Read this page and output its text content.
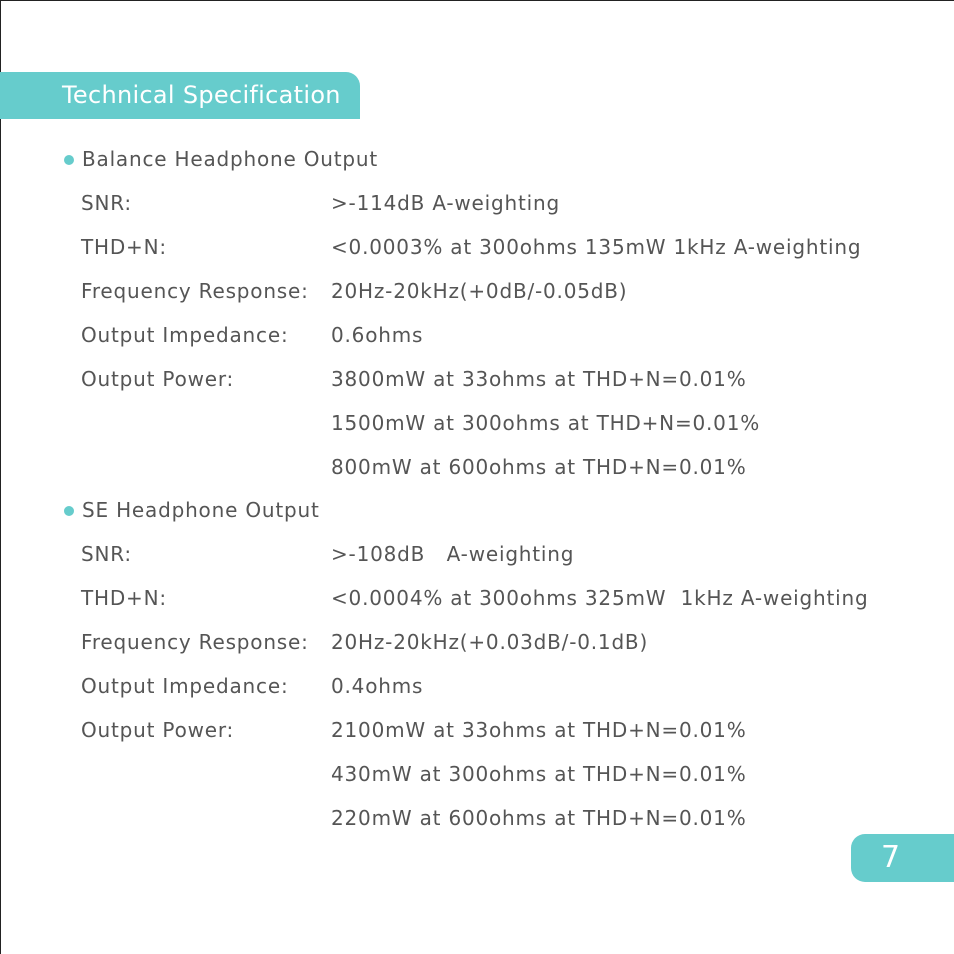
Technical Specification
Balance Headphone Output
SNR:	>-114dB A-weighting
THD+N:	<0.0003% at 300ohms 135mW 1kHz A-weighting
Frequency Response: 20Hz-20kHz(+0dB/-0.05dB)
Output Impedance: 0.6ohms
Output Power:	3800mW at 33ohms at THD+N=0.01%
1500mW at 300ohms at THD+N=0.01%
800mW at 600ohms at THD+N=0.01%
SE Headphone Output
SNR:	>-108dB   A-weighting
THD+N:	<0.0004% at 300ohms 325mW  1kHz A-weighting
Frequency Response: 20Hz-20kHz(+0.03dB/-0.1dB)
Output Impedance: 0.4ohms
Output Power:	2100mW at 33ohms at THD+N=0.01%
430mW at 300ohms at THD+N=0.01%
220mW at 600ohms at THD+N=0.01%
7
